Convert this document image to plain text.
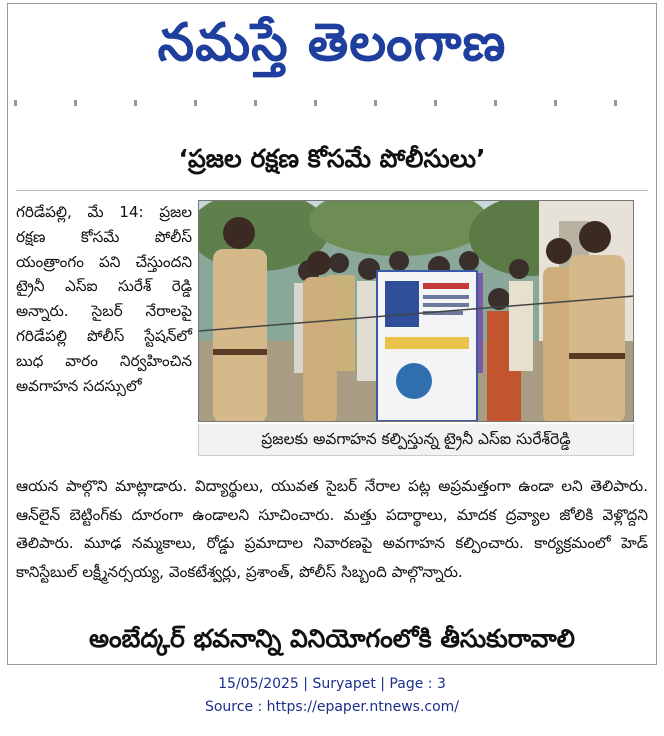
నమస్తే తెలంగాణ
‘ప్రజల రక్షణ కోసమే పోలీసులు’

గరిడేపల్లి, మే 14: ప్రజల రక్షణ కోసమే పోలీస్ యంత్రాంగం పని చేస్తుందని ట్రైనీ ఎస్ఐ సురేశ్ రెడ్డి అన్నారు. సైబర్ నేరాలపై గరిడేపల్లి పోలీస్ స్టేషన్‌లో బుధ వారం నిర్వహించిన అవగాహన సదస్సులో

ప్రజలకు అవగాహన కల్పిస్తున్న ట్రైనీ ఎస్ఐ సురేశ్‌రెడ్డి
ఆయన పాల్గొని మాట్లాడారు. విద్యార్థులు, యువత సైబర్ నేరాల పట్ల అప్రమత్తంగా ఉండా లని తెలిపారు. ఆన్‌లైన్ బెట్టింగ్‌కు దూరంగా ఉండాలని సూచించారు. మత్తు పదార్థాలు, మాదక ద్రవ్యాల జోలికి వెళ్లొద్దని తెలిపారు. మూఢ నమ్మకాలు, రోడ్డు ప్రమాదాల నివారణపై అవగాహన కల్పించారు. కార్యక్రమంలో హెడ్ కానిస్టేబుల్ లక్ష్మీనర్సయ్య, వెంకటేశ్వర్లు, ప్రశాంత్, పోలీస్ సిబ్బంది పాల్గొన్నారు.
అంబేద్కర్ భవనాన్ని వినియోగంలోకి తీసుకురావాలి
15/05/2025 | Suryapet | Page : 3
Source : https://epaper.ntnews.com/
